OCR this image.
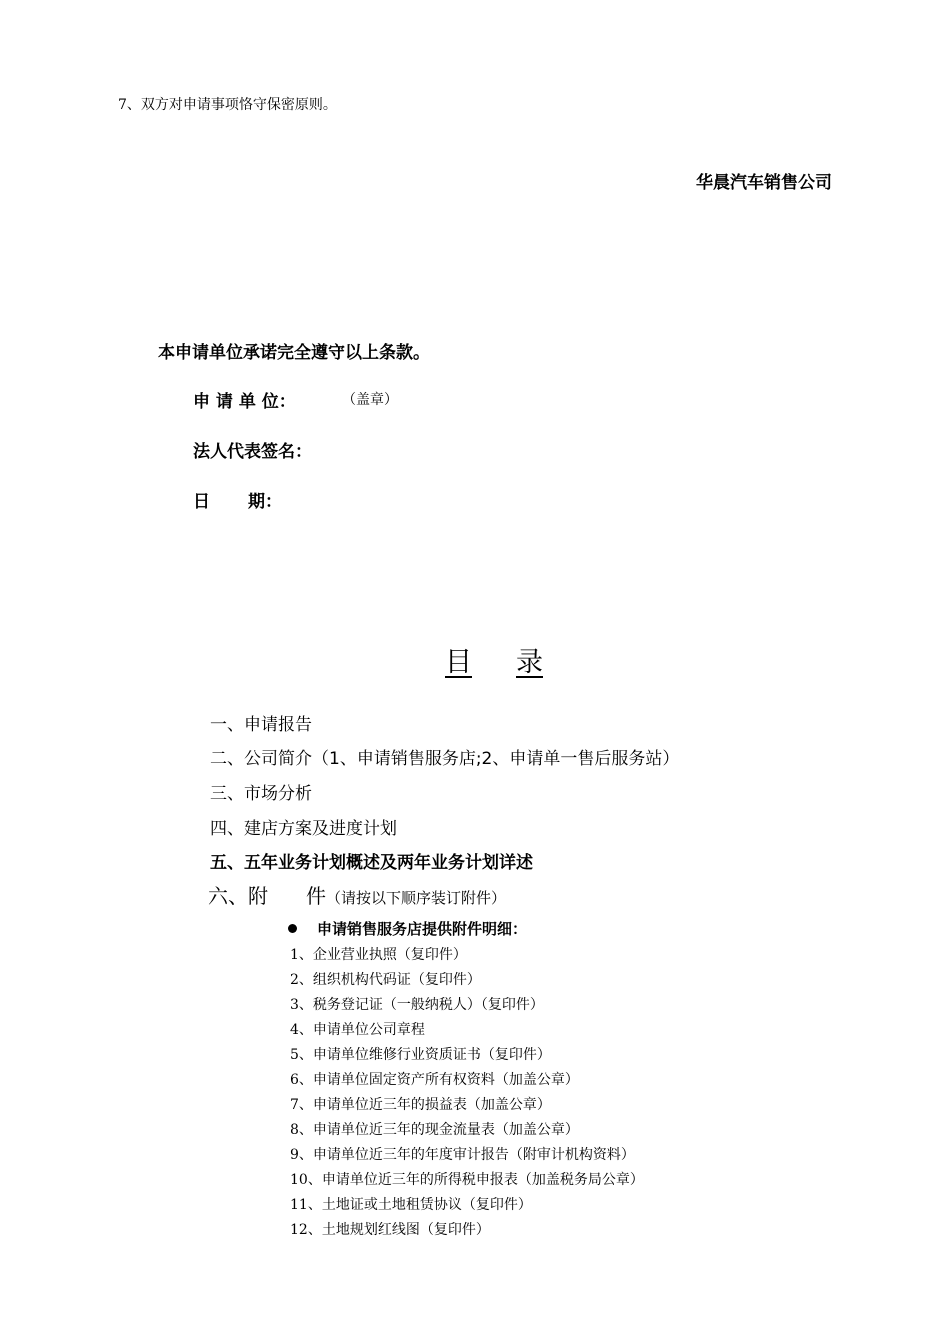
7、双方对申请事项恪守保密原则。
华晨汽车销售公司
本申请单位承诺完全遵守以上条款。
申 请 单 位：	（盖章）
法人代表签名：
日 期：
目 录
一、申请报告
二、公司简介（1、申请销售服务店;2、申请单一售后服务站）
三、市场分析
四、建店方案及进度计划
五、五年业务计划概述及两年业务计划详述
六、附 件（请按以下顺序装订附件）
申请销售服务店提供附件明细：
1、企业营业执照（复印件）
2、组织机构代码证（复印件）
3、税务登记证（一般纳税人）（复印件）
4、申请单位公司章程
5、申请单位维修行业资质证书（复印件）
6、申请单位固定资产所有权资料（加盖公章）
7、申请单位近三年的损益表（加盖公章）
8、申请单位近三年的现金流量表（加盖公章）
9、申请单位近三年的年度审计报告（附审计机构资料）
10、申请单位近三年的所得税申报表（加盖税务局公章）
11、土地证或土地租赁协议（复印件）
12、土地规划红线图（复印件）
